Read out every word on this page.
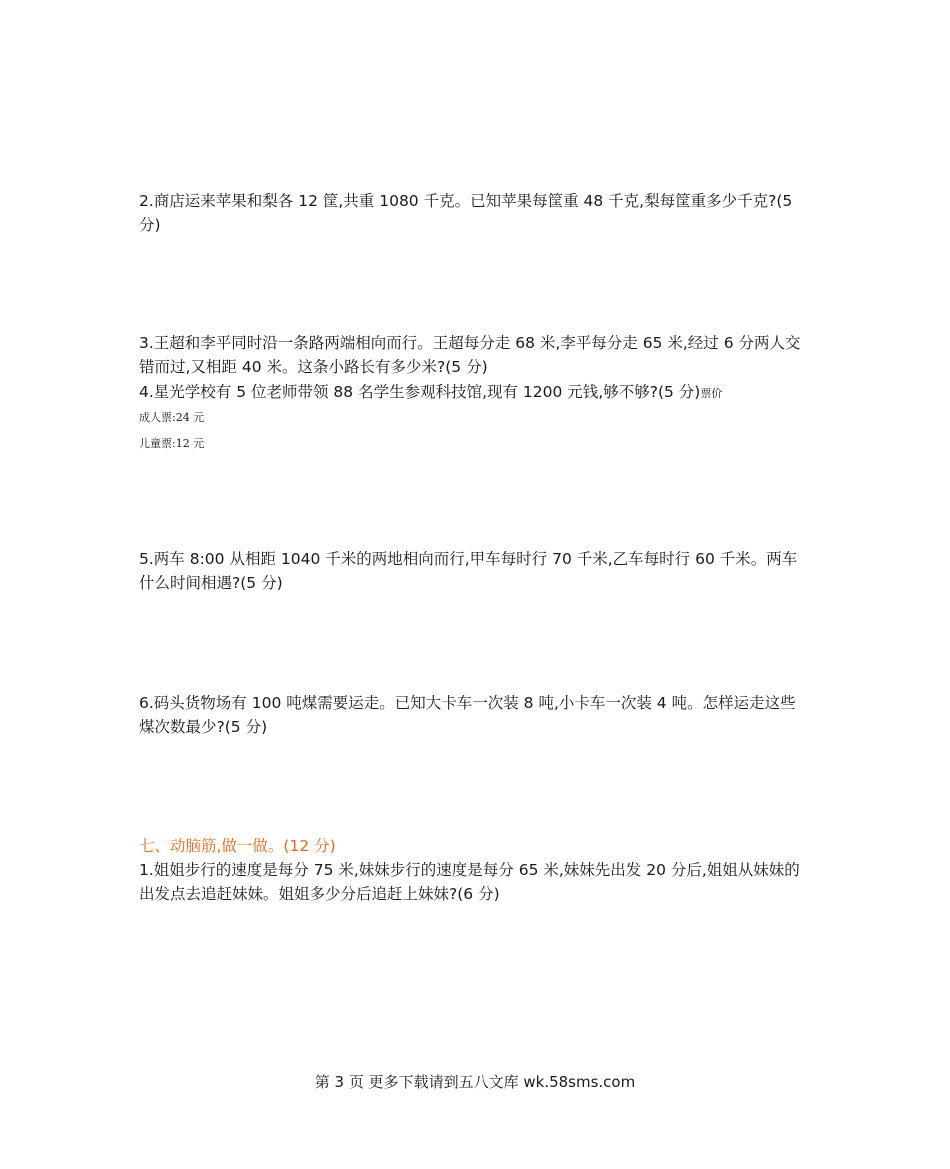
2.商店运来苹果和梨各 12 筐,共重 1080 千克。已知苹果每筐重 48 千克,梨每筐重多少千克?(5
分)
3.王超和李平同时沿一条路两端相向而行。王超每分走 68 米,李平每分走 65 米,经过 6 分两人交
错而过,又相距 40 米。这条小路长有多少米?(5 分)
4.星光学校有 5 位老师带领 88 名学生参观科技馆,现有 1200 元钱,够不够?(5 分)票价
成人票:24 元
儿童票:12 元
5.两车 8:00 从相距 1040 千米的两地相向而行,甲车每时行 70 千米,乙车每时行 60 千米。两车
什么时间相遇?(5 分)
6.码头货物场有 100 吨煤需要运走。已知大卡车一次装 8 吨,小卡车一次装 4 吨。怎样运走这些
煤次数最少?(5 分)
七、动脑筋,做一做。(12 分)
1.姐姐步行的速度是每分 75 米,妹妹步行的速度是每分 65 米,妹妹先出发 20 分后,姐姐从妹妹的
出发点去追赶妹妹。姐姐多少分后追赶上妹妹?(6 分)
第 3 页 更多下载请到五八文库 wk.58sms.com
